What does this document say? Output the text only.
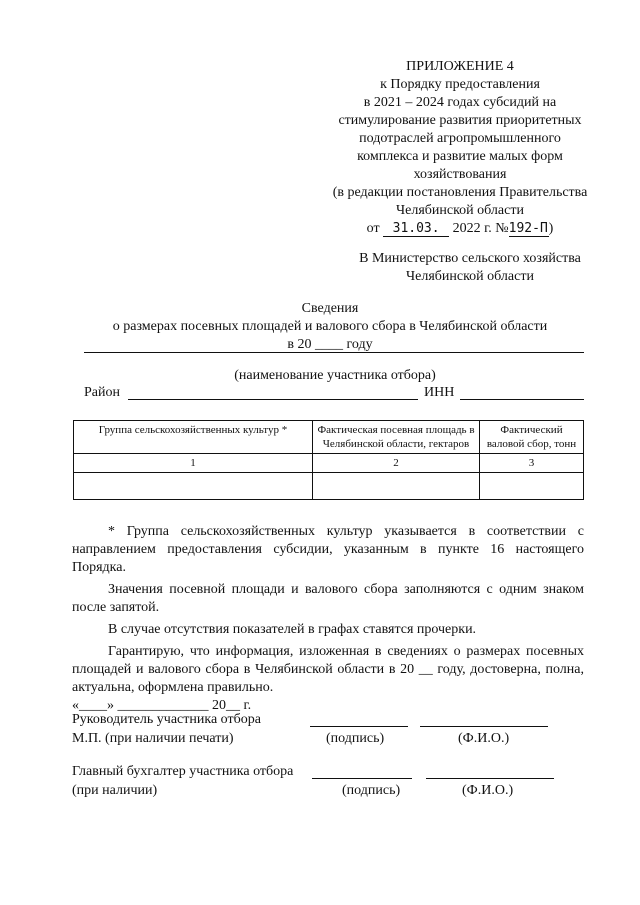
ПРИЛОЖЕНИЕ 4
к Порядку предоставления
в 2021 – 2024 годах субсидий на
стимулирование развития приоритетных
подотраслей агропромышленного
комплекса и развитие малых форм
хозяйствования
(в редакции постановления Правительства
Челябинской области
от 31.03. 2022 г. №192-П)
В Министерство сельского хозяйства
Челябинской области
Сведения
о размерах посевных площадей и валового сбора в Челябинской области
в 20 ____ году
(наименование участника отбора)
Район	ИНН
Группа сельскохозяйственных культур *	Фактическая посевная площадь в Челябинской области, гектаров	Фактический валовой сбор, тонн
1	2	3

* Группа сельскохозяйственных культур указывается в соответствии с направлением предоставления субсидии, указанным в пункте 16 настоящего Порядка.

Значения посевной площади и валового сбора заполняются с одним знаком после запятой.

В случае отсутствия показателей в графах ставятся прочерки.

Гарантирую, что информация, изложенная в сведениях о размерах посевных площадей и валового сбора в Челябинской области в 20 __ году, достоверна, полна, актуальна, оформлена правильно.

«____» _____________ 20__ г.

Руководитель участника отбора
М.П. (при наличии печати)	(подпись)	(Ф.И.О.)
Главный бухгалтер участника отбора
(при наличии)	(подпись)	(Ф.И.О.)
